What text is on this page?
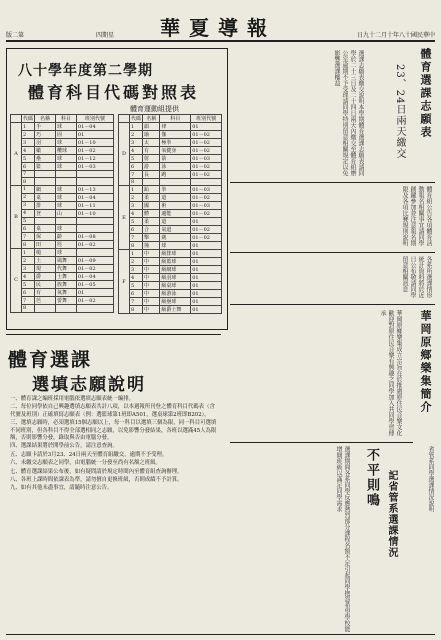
版二第	四期星 華夏導報	日九十二月十年八十國民華中
八十學年度第二學期
體育科目代碼對照表
體育運動組提供
	代碼	名稱	科目	班別代號
A	1	手	球	01－04
	2	巧	固	01
	3	羽	球	01－10
	4	橄	欖球	01－02
	5	壘	球	01－12
	6	籃	球	01－03
	7			
	8			
B	1	網	球	01－13
	2	桌	球	01－04
	3	排	球	01－11
	4	登	山	01－10
	5			
	6	桌	球	
	7	保	齡	01－08
	8	田	徑	01－02
C	1	槌	球	
	2	土	風舞	01－09
	3	現	代舞	01－02
	4	爵	士舞	01－04
	5	民	族舞	01－05
	6	有	氧舞	01
	7	芭	蕾舞	01－02
	8			
	代碼	名稱	科目	班別代號
D	1	韻	律	01
	2	瑜	伽	01－02
	3	太	極拳	01－02
	4	有	氧健身	01－02
	5	射	箭	01－03
	6	游	泳	01－02
	7	長	跑	01－02
	8			
E	1	跆	拳	01－03
	2	柔	道	01－02
	3	國	術	01－03
	4	體	適能	01－02
	5	柔	道	01
	6	合	氣道	01－02
	7	擊	劍	01－02
	8	撞	球	01
F	1	中	級排球	01
	2	中	級籃球	01
	3	中	級網球	01
	4	中	級羽球	01
	5	中	級桌球	01
	6	中	級游泳	01
	7	中	級壘球	01
	8	中	級爵士舞	01
體育選課
選填志願說明

一、體育課之編班採用電腦依選填志願表統一編排。

二、每位同學依自己興趣選填志願表共計八項，以本週報所刊登之體育科目代碼表（含代號及班別）正確填寫志願表（例：選籃球第1班即A501，選桌球第2班即B202）。

三、選填志願時，必須選填15個志願以上，每一科目以選填三個為限，同一科目可選填不同班別，但各科目不得全部選相同之志願，以免影響分發結果，各班以選滿45人為限額，否則影響分發，錄取與否由電腦分發。

四、選課結果將於開學前公告，請注意查詢。

五、志願卡請於3月23、24日兩天至體育組繳交，逾期不予受理。

六、未繳交志願表之同學，由電腦統一分發至尚有名額之班級。

七、體育選課結果公布後，如有疑問請於規定時間內至體育組查詢辦理。

八、各班上課時間依課表為準，請勿擅自更換班級，否則成績不予計算。

九、如有其他未盡事宜，請隨時注意公告。

選課志願表繳交說明本學期體育選課志願表請同學於二十三日及二十四日兩天內繳交至體育組辦公室逾期不予受理請同學特別留意相關規定以免影響選課權益	體育選課志願表
23、24日兩天繳交
體育組公告各項體育活動報名相關事宜請同學踴躍參加並注意報名期限及各項比賽規則說明
各系所選課情形統計資料將於近日公布敬請同學留意相關訊息
華岡原鄉樂集成立宗旨在於推廣原住民音樂文化歡迎對原住民音樂有興趣之同學加入共同學習傳承	華岡原鄉樂集簡介
選課期間各系同學反應熱烈部分課程名額不足引起同學抱怨希望學校能增開班級以滿足同學需求	不平則鳴 記省管系選課情況	省管系同學選課情況說明
